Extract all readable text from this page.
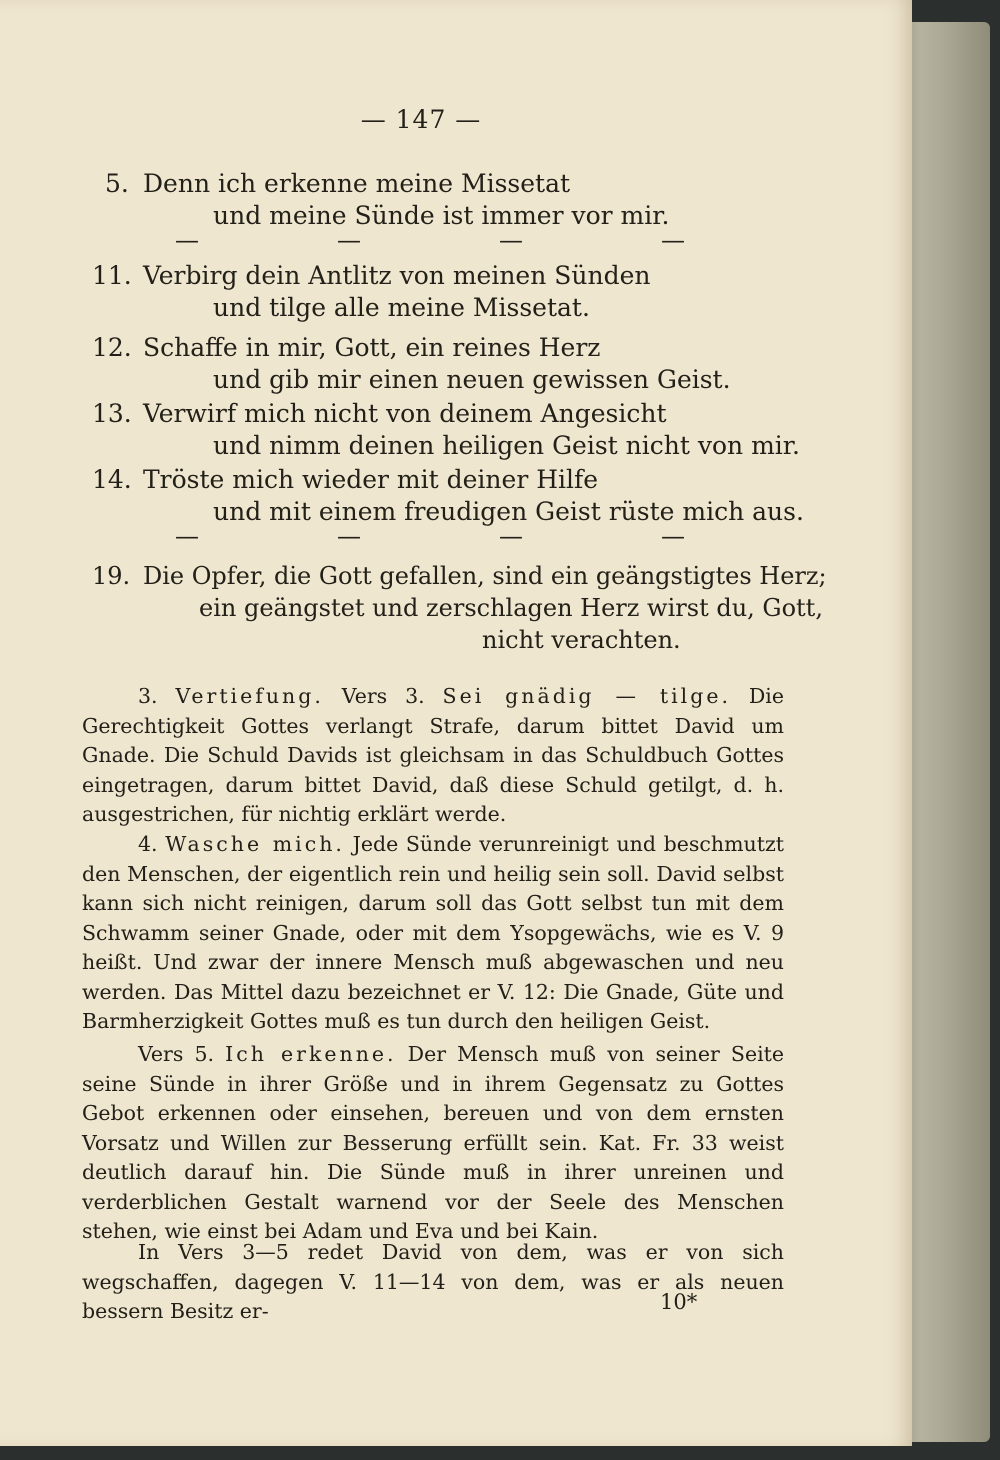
— 147 —
5. Denn ich erkenne meine Missetat
und meine Sünde ist immer vor mir.
—	—	—	—
11. Verbirg dein Antlitz von meinen Sünden
und tilge alle meine Missetat.
12. Schaffe in mir, Gott, ein reines Herz
und gib mir einen neuen gewissen Geist.
13. Verwirf mich nicht von deinem Angesicht
und nimm deinen heiligen Geist nicht von mir.
14. Tröste mich wieder mit deiner Hilfe
und mit einem freudigen Geist rüste mich aus.
—	—	—	—
19. Die Opfer, die Gott gefallen, sind ein geängstigtes Herz;
ein geängstet und zerschlagen Herz wirst du, Gott,
nicht verachten.
3. Vertiefung. Vers 3. Sei gnädig — tilge. Die Gerechtigkeit Gottes verlangt Strafe, darum bittet David um Gnade. Die Schuld Davids ist gleichsam in das Schuldbuch Gottes eingetragen, darum bittet David, daß diese Schuld getilgt, d. h. ausgestrichen, für nichtig erklärt werde.
4. Wasche mich. Jede Sünde verunreinigt und beschmutzt den Menschen, der eigentlich rein und heilig sein soll. David selbst kann sich nicht reinigen, darum soll das Gott selbst tun mit dem Schwamm seiner Gnade, oder mit dem Ysopgewächs, wie es V. 9 heißt. Und zwar der innere Mensch muß abgewaschen und neu werden. Das Mittel dazu bezeichnet er V. 12: Die Gnade, Güte und Barmherzigkeit Gottes muß es tun durch den heiligen Geist.
Vers 5. Ich erkenne. Der Mensch muß von seiner Seite seine Sünde in ihrer Größe und in ihrem Gegensatz zu Gottes Gebot erkennen oder einsehen, bereuen und von dem ernsten Vorsatz und Willen zur Besserung erfüllt sein. Kat. Fr. 33 weist deutlich darauf hin. Die Sünde muß in ihrer unreinen und verderblichen Gestalt warnend vor der Seele des Menschen stehen, wie einst bei Adam und Eva und bei Kain.
In Vers 3—5 redet David von dem, was er von sich wegschaffen, dagegen V. 11—14 von dem, was er als neuen bessern Besitz er-	10*
